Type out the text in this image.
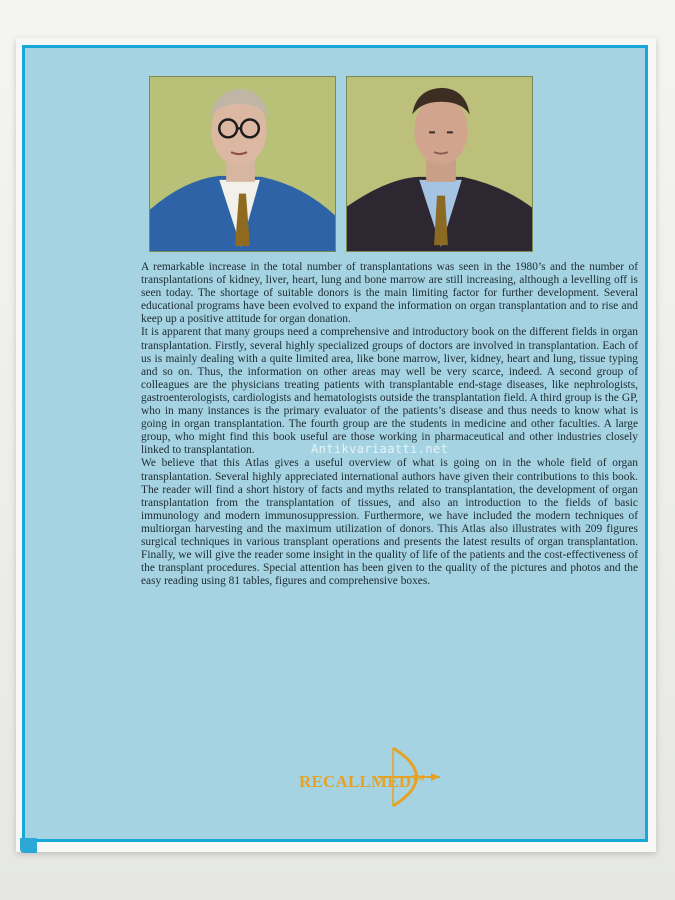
A remarkable increase in the total number of transplantations was seen in the 1980’s and the number of transplantations of kidney, liver, heart, lung and bone marrow are still increasing, although a levelling off is seen today. The shortage of suitable donors is the main limiting factor for further development. Several educational programs have been evolved to expand the information on organ transplantation and to rise and keep up a positive attitude for organ donation.

It is apparent that many groups need a comprehensive and introductory book on the different fields in organ transplantation. Firstly, several highly specialized groups of doctors are involved in transplantation. Each of us is mainly dealing with a quite limited area, like bone marrow, liver, kidney, heart and lung, tissue typing and so on. Thus, the information on other areas may well be very scarce, indeed. A second group of colleagues are the physicians treating patients with transplantable end-stage diseases, like nephrologists, gastroenterologists, cardiologists and hematologists outside the transplantation field. A third group is the GP, who in many instances is the primary evaluator of the patients’s disease and thus needs to know what is going in organ transplantation. The fourth group are the students in medicine and other faculties. A large group, who might find this book useful are those working in pharmaceutical and other industries closely linked to transplantation.

We believe that this Atlas gives a useful overview of what is going on in the whole field of organ transplantation. Several highly appreciated international authors have given their contributions to this book. The reader will find a short history of facts and myths related to transplantation, the development of organ transplantation from the transplantation of tissues, and also an introduction to the fields of basic immunology and modern immunosuppression. Furthermore, we have included the modern techniques of multiorgan harvesting and the maximum utilization of donors. This Atlas also illustrates with 209 figures surgical techniques in various transplant operations and presents the latest results of organ transplantation. Finally, we will give the reader some insight in the quality of life of the patients and the cost-effectiveness of the transplant procedures. Special attention has been given to the quality of the pictures and photos and the easy reading using 81 tables, figures and comprehensive boxes.

Antikvariaatti.net
RECALLMED™
